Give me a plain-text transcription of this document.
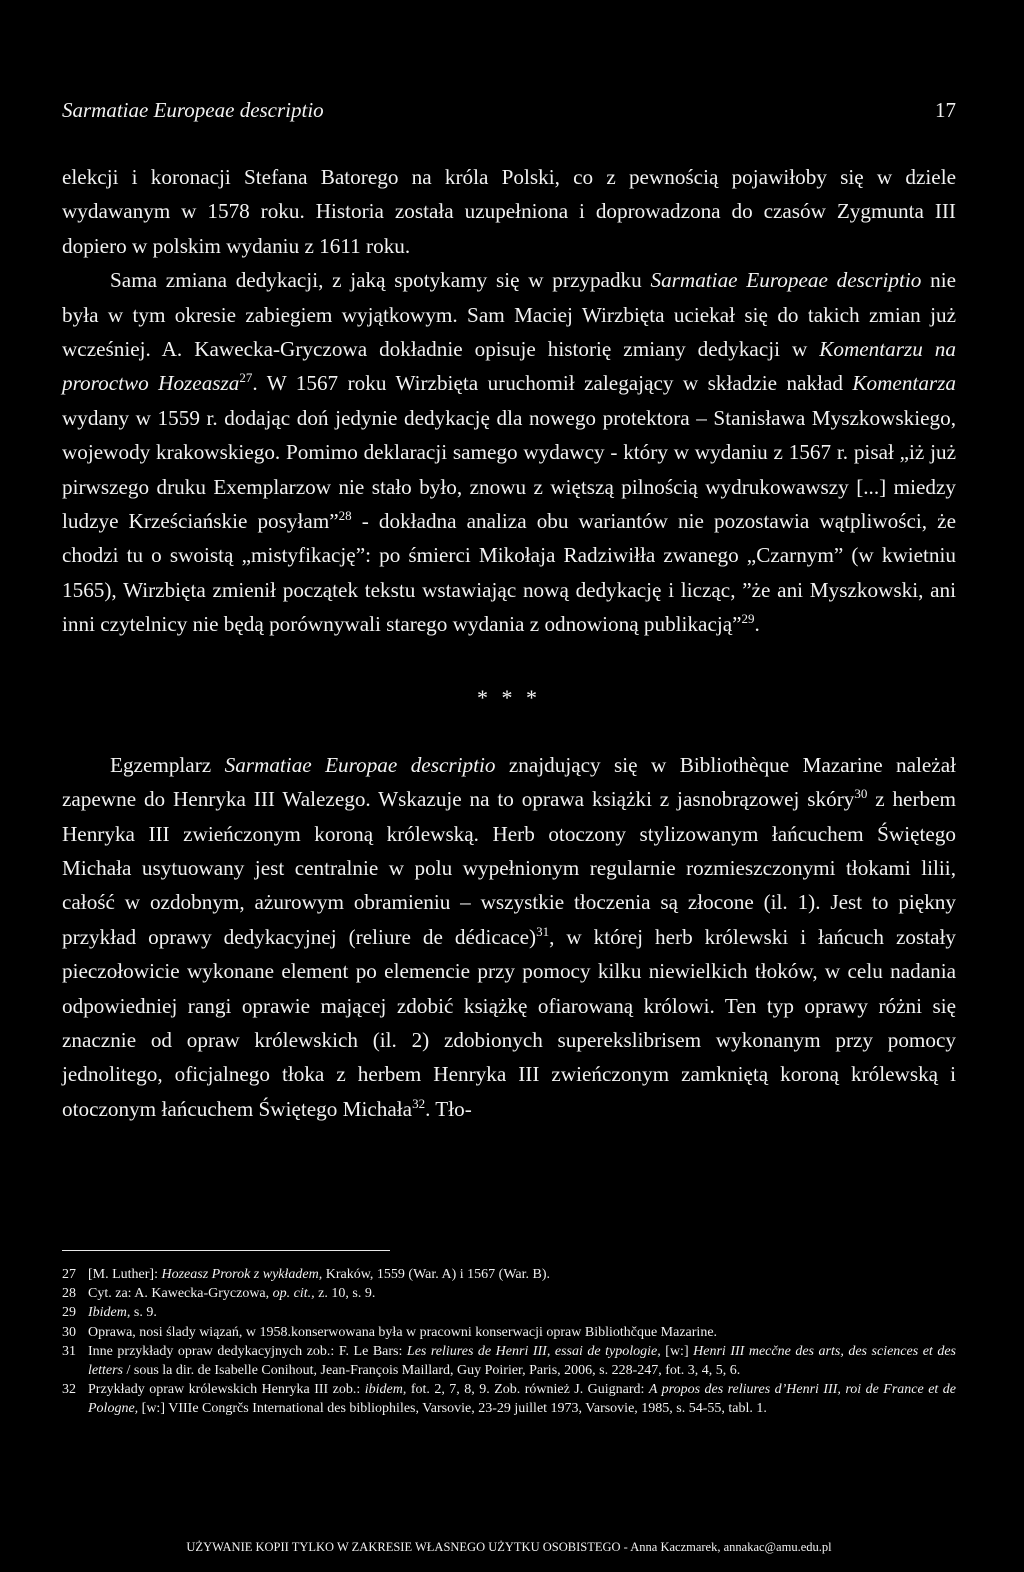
Sarmatiae Europeae descriptio	17

elekcji i koronacji Stefana Batorego na króla Polski, co z pewnością pojawiłoby się w dziele wydawanym w 1578 roku. Historia została uzupełniona i doprowadzona do czasów Zygmunta III dopiero w polskim wydaniu z 1611 roku.

Sama zmiana dedykacji, z jaką spotykamy się w przypadku Sarmatiae Europeae descriptio nie była w tym okresie zabiegiem wyjątkowym. Sam Maciej Wirzbięta uciekał się do takich zmian już wcześniej. A. Kawecka-Gryczowa dokładnie opisuje historię zmiany dedykacji w Komentarzu na proroctwo Hozeasza$^{27}$. W 1567 roku Wirzbięta uruchomił zalegający w składzie nakład Komentarza wydany w 1559 r. dodając doń jedynie dedykację dla nowego protektora – Stanisława Myszkowskiego, wojewody krakowskiego. Pomimo deklaracji samego wydawcy - który w wydaniu z 1567 r. pisał „iż już pirwszego druku Exemplarzow nie stało było, znowu z więtszą pilnością wydrukowawszy [...] miedzy ludzye Krześciańskie posyłam”$^{28}$ - dokładna analiza obu wariantów nie pozostawia wątpliwości, że chodzi tu o swoistą „mistyfikację”: po śmierci Mikołaja Radziwiłła zwanego „Czarnym” (w kwietniu 1565), Wirzbięta zmienił początek tekstu wstawiając nową dedykację i licząc, ”że ani Myszkowski, ani inni czytelnicy nie będą porównywali starego wydania z odnowioną publikacją”$^{29}$.

* * *

Egzemplarz Sarmatiae Europae descriptio znajdujący się w Bibliothèque Mazarine należał zapewne do Henryka III Walezego. Wskazuje na to oprawa książki z jasnobrązowej skóry$^{30}$ z herbem Henryka III zwieńczonym koroną królewską. Herb otoczony stylizowanym łańcuchem Świętego Michała usytuowany jest centralnie w polu wypełnionym regularnie rozmieszczonymi tłokami lilii, całość w ozdobnym, ażurowym obramieniu – wszystkie tłoczenia są złocone (il. 1). Jest to piękny przykład oprawy dedykacyjnej (reliure de dédicace)$^{31}$, w której herb królewski i łańcuch zostały pieczołowicie wykonane element po elemencie przy pomocy kilku niewielkich tłoków, w celu nadania odpowiedniej rangi oprawie mającej zdobić książkę ofiarowaną królowi. Ten typ oprawy różni się znacznie od opraw królewskich (il. 2) zdobionych superekslibrisem wykonanym przy pomocy jednolitego, oficjalnego tłoka z herbem Henryka III zwieńczonym zamkniętą koroną królewską i otoczonym łańcuchem Świętego Michała$^{32}$. Tło-

27 [M. Luther]: Hozeasz Prorok z wykładem, Kraków, 1559 (War. A) i 1567 (War. B).

28 Cyt. za: A. Kawecka-Gryczowa, op. cit., z. 10, s. 9.

29 Ibidem, s. 9.

30 Oprawa, nosi ślady wiązań, w 1958.konserwowana była w pracowni konserwacji opraw Bibliothčque Mazarine.

31 Inne przykłady opraw dedykacyjnych zob.: F. Le Bars: Les reliures de Henri III, essai de typologie, [w:] Henri III mecčne des arts, des sciences et des letters / sous la dir. de Isabelle Conihout, Jean-François Maillard, Guy Poirier, Paris, 2006, s. 228-247, fot. 3, 4, 5, 6.

32 Przykłady opraw królewskich Henryka III zob.: ibidem, fot. 2, 7, 8, 9. Zob. również J. Guignard: A propos des reliures d’Henri III, roi de France et de Pologne, [w:] VIIIe Congrčs International des bibliophiles, Varsovie, 23-29 juillet 1973, Varsovie, 1985, s. 54-55, tabl. 1.

UŻYWANIE KOPII TYLKO W ZAKRESIE WŁASNEGO UŻYTKU OSOBISTEGO - Anna Kaczmarek, annakac@amu.edu.pl
